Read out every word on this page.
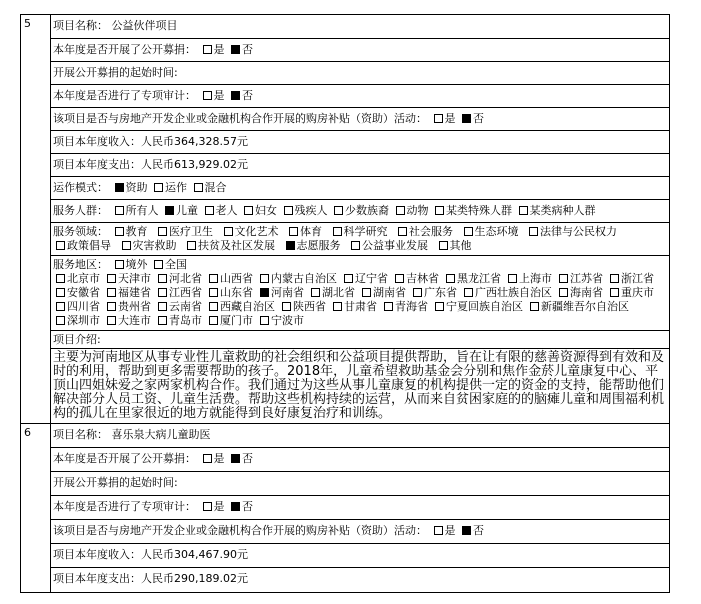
5	项目名称： 公益伙伴项目
本年度是否开展了公开募捐： 是 否
开展公开募捐的起始时间:
本年度是否进行了专项审计： 是 否
该项目是否与房地产开发企业或金融机构合作开展的购房补贴（资助）活动： 是 否
项目本年度收入：人民币364,328.57元
项目本年度支出：人民币613,929.02元
运作模式： 资助 运作 混合
服务人群： 所有人 儿童 老人 妇女 残疾人 少数族裔 动物 某类特殊人群 某类病种人群
服务领域： 教育 医疗卫生 文化艺术 体育 科学研究 社会服务 生态环境 法律与公民权力 政策倡导 灾害救助 扶贫及社区发展 志愿服务 公益事业发展 其他
服务地区： 境外 全国
北京市 天津市 河北省 山西省 内蒙古自治区 辽宁省 吉林省 黑龙江省 上海市 江苏省 浙江省安徽省 福建省 江西省 山东省 河南省 湖北省 湖南省 广东省 广西壮族自治区 海南省 重庆市四川省 贵州省 云南省 西藏自治区 陕西省 甘肃省 青海省 宁夏回族自治区 新疆维吾尔自治区深圳市 大连市 青岛市 厦门市 宁波市
项目介绍:
主要为河南地区从事专业性儿童救助的社会组织和公益项目提供帮助，旨在让有限的慈善资源得到有效和及时的利用，帮助到更多需要帮助的孩子。2018年，儿童希望救助基金会分别和焦作金菸儿童康复中心、平顶山四姐妹爱之家两家机构合作。我们通过为这些从事儿童康复的机构提供一定的资金的支持，能帮助他们解决部分人员工资、儿童生活费。帮助这些机构持续的运营，从而来自贫困家庭的的脑瘫儿童和周围福利机构的孤儿在里家很近的地方就能得到良好康复治疗和训练。
6	项目名称： 喜乐泉大病儿童助医
本年度是否开展了公开募捐： 是 否
开展公开募捐的起始时间:
本年度是否进行了专项审计： 是 否
该项目是否与房地产开发企业或金融机构合作开展的购房补贴（资助）活动： 是 否
项目本年度收入：人民币304,467.90元
项目本年度支出：人民币290,189.02元
